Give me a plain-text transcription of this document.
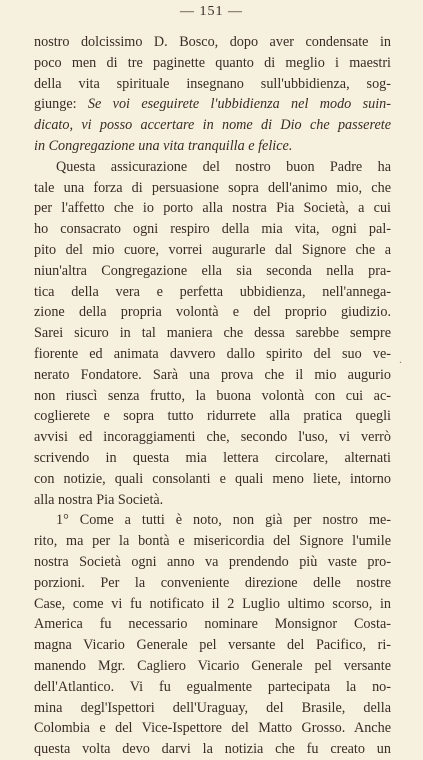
— 151 —
nostro dolcissimo D. Bosco, dopo aver condensate in
poco men di tre paginette quanto di meglio i maestri
della vita spirituale insegnano sull'ubbidienza, sog-
giunge: Se voi eseguirete l'ubbidienza nel modo suin-
dicato, vi posso accertare in nome di Dio che passerete
in Congregazione una vita tranquilla e felice.
Questa assicurazione del nostro buon Padre ha
tale una forza di persuasione sopra dell'animo mio, che
per l'affetto che io porto alla nostra Pia Società, a cui
ho consacrato ogni respiro della mia vita, ogni pal-
pito del mio cuore, vorrei augurarle dal Signore che a
niun'altra Congregazione ella sia seconda nella pra-
tica della vera e perfetta ubbidienza, nell'annega-
zione della propria volontà e del proprio giudizio.
Sarei sicuro in tal maniera che dessa sarebbe sempre
fiorente ed animata davvero dallo spirito del suo ve-
nerato Fondatore. Sarà una prova che il mio augurio
non riuscì senza frutto, la buona volontà con cui ac-
coglierete e sopra tutto ridurrete alla pratica quegli
avvisi ed incoraggiamenti che, secondo l'uso, vi verrò
scrivendo in questa mia lettera circolare, alternati
con notizie, quali consolanti e quali meno liete, intorno
alla nostra Pia Società.
1° Come a tutti è noto, non già per nostro me-
rito, ma per la bontà e misericordia del Signore l'umile
nostra Società ogni anno va prendendo più vaste pro-
porzioni. Per la conveniente direzione delle nostre
Case, come vi fu notificato il 2 Luglio ultimo scorso, in
America fu necessario nominare Monsignor Costa-
magna Vicario Generale pel versante del Pacifico, ri-
manendo Mgr. Cagliero Vicario Generale pel versante
dell'Atlantico. Vi fu egualmente partecipata la no-
mina degl'Ispettori dell'Uraguay, del Brasile, della
Colombia e del Vice-Ispettore del Matto Grosso. Anche
questa volta devo darvi la notizia che fu creato un
.
